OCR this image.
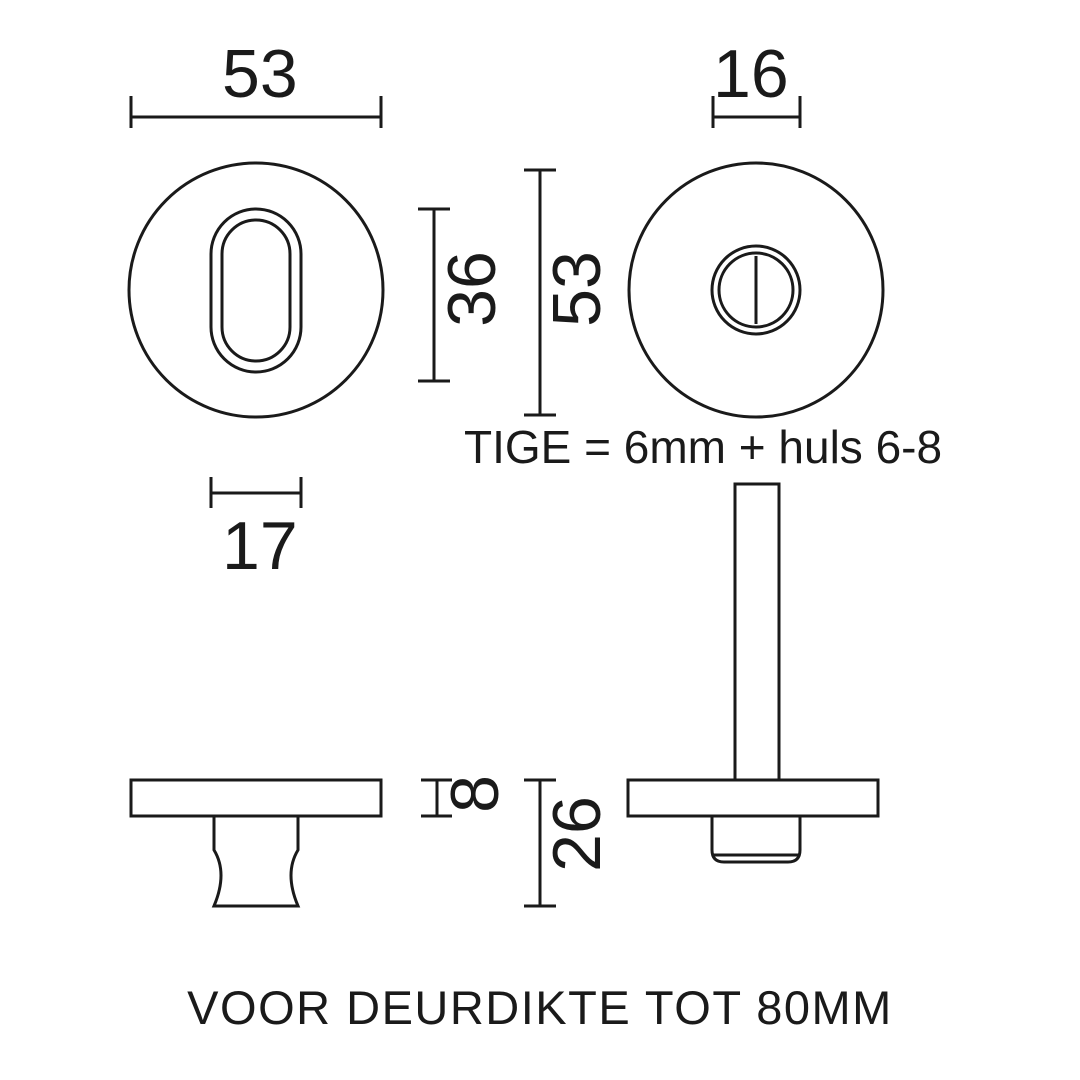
53	16
36 53
17
8
26
TIGE = 6mm + huls 6-8
VOOR DEURDIKTE TOT 80MM
